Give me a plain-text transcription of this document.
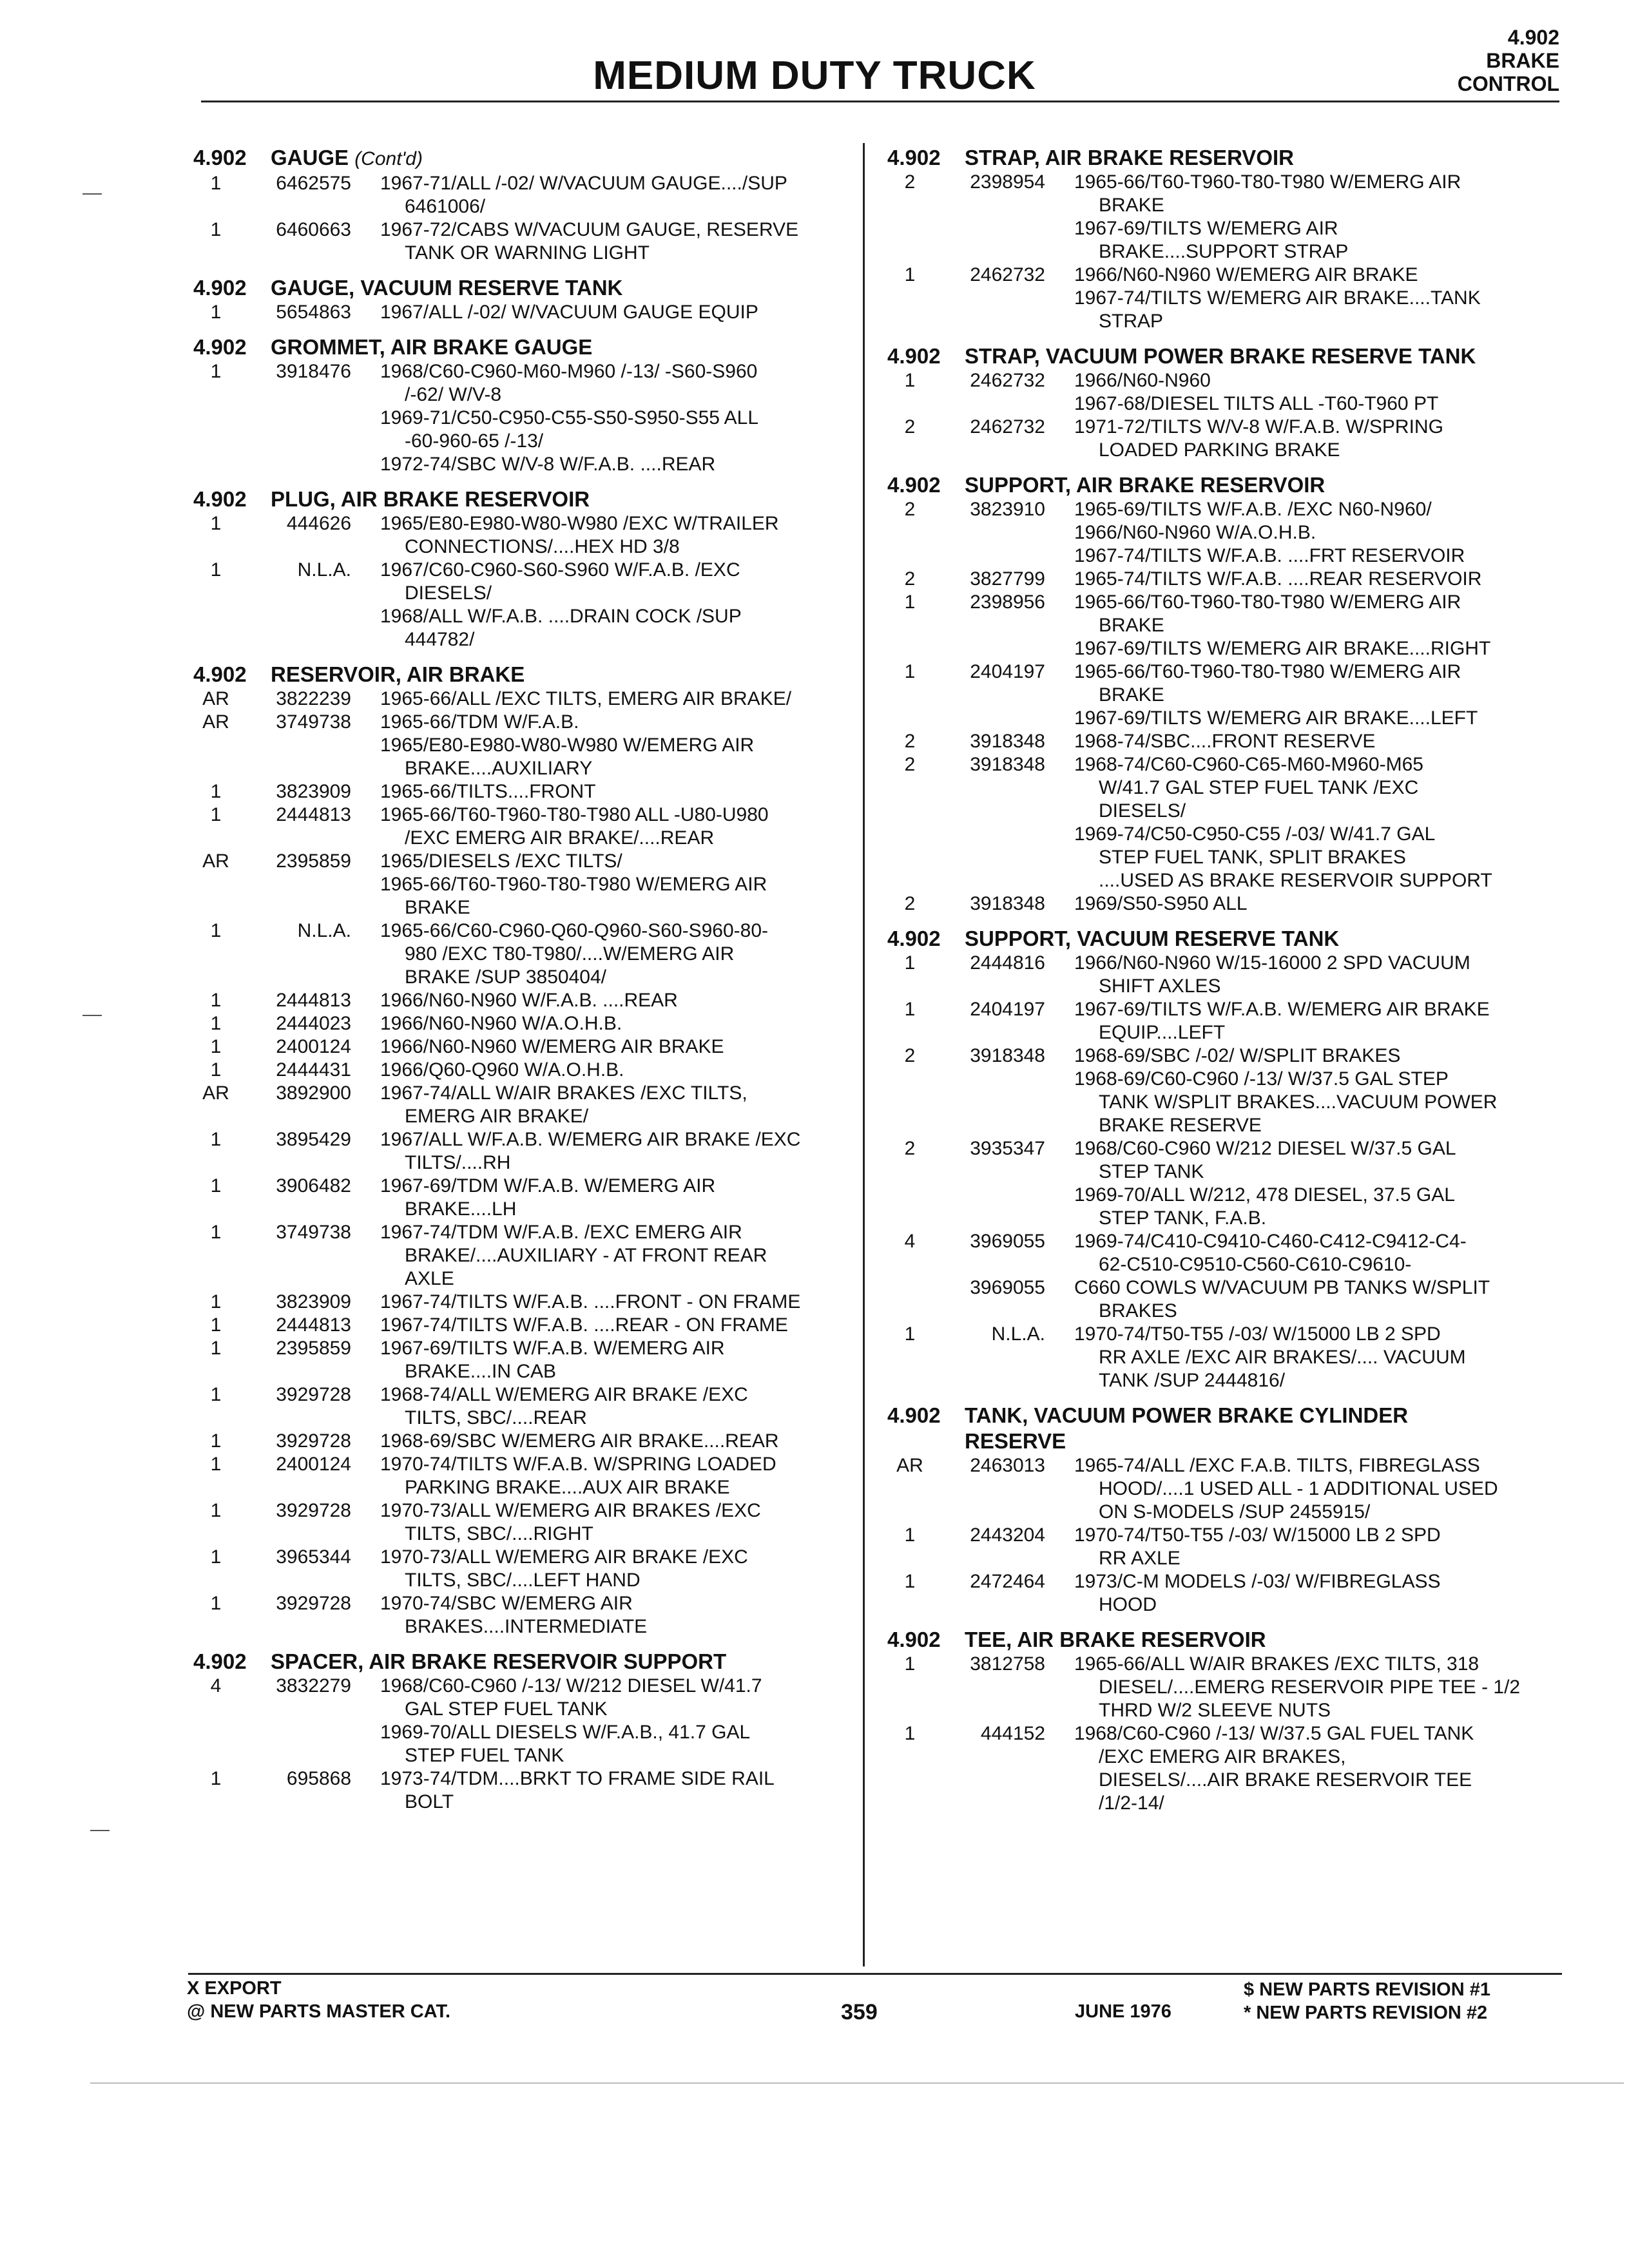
MEDIUM DUTY TRUCK
4.902
BRAKE
CONTROL
4.902 GAUGE (Cont'd)
1	6462575 1967-71/ALL /-02/ W/VACUUM GAUGE..../SUP
6461006/
1	6460663 1967-72/CABS W/VACUUM GAUGE, RESERVE
TANK OR WARNING LIGHT
4.902 GAUGE, VACUUM RESERVE TANK
1	5654863 1967/ALL /-02/ W/VACUUM GAUGE EQUIP
4.902 GROMMET, AIR BRAKE GAUGE
1	3918476 1968/C60-C960-M60-M960 /-13/ -S60-S960
/-62/ W/V-8
1969-71/C50-C950-C55-S50-S950-S55 ALL
-60-960-65 /-13/
1972-74/SBC W/V-8 W/F.A.B. ....REAR
4.902 PLUG, AIR BRAKE RESERVOIR
1	444626 1965/E80-E980-W80-W980 /EXC W/TRAILER
CONNECTIONS/....HEX HD 3/8
1	N.L.A. 1967/C60-C960-S60-S960 W/F.A.B. /EXC
DIESELS/
1968/ALL W/F.A.B. ....DRAIN COCK /SUP
444782/
4.902 RESERVOIR, AIR BRAKE
AR	3822239 1965-66/ALL /EXC TILTS, EMERG AIR BRAKE/
AR	3749738 1965-66/TDM W/F.A.B.
1965/E80-E980-W80-W980 W/EMERG AIR
BRAKE....AUXILIARY
1	3823909 1965-66/TILTS....FRONT
1	2444813 1965-66/T60-T960-T80-T980 ALL -U80-U980
/EXC EMERG AIR BRAKE/....REAR
AR	2395859 1965/DIESELS /EXC TILTS/
1965-66/T60-T960-T80-T980 W/EMERG AIR
BRAKE
1	N.L.A. 1965-66/C60-C960-Q60-Q960-S60-S960-80-
980 /EXC T80-T980/....W/EMERG AIR
BRAKE /SUP 3850404/
1	2444813 1966/N60-N960 W/F.A.B. ....REAR
1	2444023 1966/N60-N960 W/A.O.H.B.
1	2400124 1966/N60-N960 W/EMERG AIR BRAKE
1	2444431 1966/Q60-Q960 W/A.O.H.B.
AR	3892900 1967-74/ALL W/AIR BRAKES /EXC TILTS,
EMERG AIR BRAKE/
1	3895429 1967/ALL W/F.A.B. W/EMERG AIR BRAKE /EXC
TILTS/....RH
1	3906482 1967-69/TDM W/F.A.B. W/EMERG AIR
BRAKE....LH
1	3749738 1967-74/TDM W/F.A.B. /EXC EMERG AIR
BRAKE/....AUXILIARY - AT FRONT REAR
AXLE
1	3823909 1967-74/TILTS W/F.A.B. ....FRONT - ON FRAME
1	2444813 1967-74/TILTS W/F.A.B. ....REAR - ON FRAME
1	2395859 1967-69/TILTS W/F.A.B. W/EMERG AIR
BRAKE....IN CAB
1	3929728 1968-74/ALL W/EMERG AIR BRAKE /EXC
TILTS, SBC/....REAR
1	3929728 1968-69/SBC W/EMERG AIR BRAKE....REAR
1	2400124 1970-74/TILTS W/F.A.B. W/SPRING LOADED
PARKING BRAKE....AUX AIR BRAKE
1	3929728 1970-73/ALL W/EMERG AIR BRAKES /EXC
TILTS, SBC/....RIGHT
1	3965344 1970-73/ALL W/EMERG AIR BRAKE /EXC
TILTS, SBC/....LEFT HAND
1	3929728 1970-74/SBC W/EMERG AIR
BRAKES....INTERMEDIATE
4.902 SPACER, AIR BRAKE RESERVOIR SUPPORT
4	3832279 1968/C60-C960 /-13/ W/212 DIESEL W/41.7
GAL STEP FUEL TANK
1969-70/ALL DIESELS W/F.A.B., 41.7 GAL
STEP FUEL TANK
1	695868 1973-74/TDM....BRKT TO FRAME SIDE RAIL
BOLT
4.902 STRAP, AIR BRAKE RESERVOIR
2	2398954 1965-66/T60-T960-T80-T980 W/EMERG AIR
BRAKE
1967-69/TILTS W/EMERG AIR
BRAKE....SUPPORT STRAP
1	2462732 1966/N60-N960 W/EMERG AIR BRAKE
1967-74/TILTS W/EMERG AIR BRAKE....TANK
STRAP
4.902 STRAP, VACUUM POWER BRAKE RESERVE TANK
1	2462732 1966/N60-N960
1967-68/DIESEL TILTS ALL -T60-T960 PT
2	2462732 1971-72/TILTS W/V-8 W/F.A.B. W/SPRING
LOADED PARKING BRAKE
4.902 SUPPORT, AIR BRAKE RESERVOIR
2	3823910 1965-69/TILTS W/F.A.B. /EXC N60-N960/
1966/N60-N960 W/A.O.H.B.
1967-74/TILTS W/F.A.B. ....FRT RESERVOIR
2	3827799 1965-74/TILTS W/F.A.B. ....REAR RESERVOIR
1	2398956 1965-66/T60-T960-T80-T980 W/EMERG AIR
BRAKE
1967-69/TILTS W/EMERG AIR BRAKE....RIGHT
1	2404197 1965-66/T60-T960-T80-T980 W/EMERG AIR
BRAKE
1967-69/TILTS W/EMERG AIR BRAKE....LEFT
2	3918348 1968-74/SBC....FRONT RESERVE
2	3918348 1968-74/C60-C960-C65-M60-M960-M65
W/41.7 GAL STEP FUEL TANK /EXC
DIESELS/
1969-74/C50-C950-C55 /-03/ W/41.7 GAL
STEP FUEL TANK, SPLIT BRAKES
....USED AS BRAKE RESERVOIR SUPPORT
2	3918348 1969/S50-S950 ALL
4.902 SUPPORT, VACUUM RESERVE TANK
1	2444816 1966/N60-N960 W/15-16000 2 SPD VACUUM
SHIFT AXLES
1	2404197 1967-69/TILTS W/F.A.B. W/EMERG AIR BRAKE
EQUIP....LEFT
2	3918348 1968-69/SBC /-02/ W/SPLIT BRAKES
1968-69/C60-C960 /-13/ W/37.5 GAL STEP
TANK W/SPLIT BRAKES....VACUUM POWER
BRAKE RESERVE
2	3935347 1968/C60-C960 W/212 DIESEL W/37.5 GAL
STEP TANK
1969-70/ALL W/212, 478 DIESEL, 37.5 GAL
STEP TANK, F.A.B.
4	3969055 1969-74/C410-C9410-C460-C412-C9412-C4-
62-C510-C9510-C560-C610-C9610-
3969055 C660 COWLS W/VACUUM PB TANKS W/SPLIT
BRAKES
1	N.L.A. 1970-74/T50-T55 /-03/ W/15000 LB 2 SPD
RR AXLE /EXC AIR BRAKES/.... VACUUM
TANK /SUP 2444816/
4.902 TANK, VACUUM POWER BRAKE CYLINDER
RESERVE
AR	2463013 1965-74/ALL /EXC F.A.B. TILTS, FIBREGLASS
HOOD/....1 USED ALL - 1 ADDITIONAL USED
ON S-MODELS /SUP 2455915/
1	2443204 1970-74/T50-T55 /-03/ W/15000 LB 2 SPD
RR AXLE
1	2472464 1973/C-M MODELS /-03/ W/FIBREGLASS
HOOD
4.902 TEE, AIR BRAKE RESERVOIR
1	3812758 1965-66/ALL W/AIR BRAKES /EXC TILTS, 318
DIESEL/....EMERG RESERVOIR PIPE TEE - 1/2
THRD W/2 SLEEVE NUTS
1	444152 1968/C60-C960 /-13/ W/37.5 GAL FUEL TANK
/EXC EMERG AIR BRAKES,
DIESELS/....AIR BRAKE RESERVOIR TEE
/1/2-14/
X EXPORT
@ NEW PARTS MASTER CAT.	359	JUNE 1976
$ NEW PARTS REVISION #1
* NEW PARTS REVISION #2
